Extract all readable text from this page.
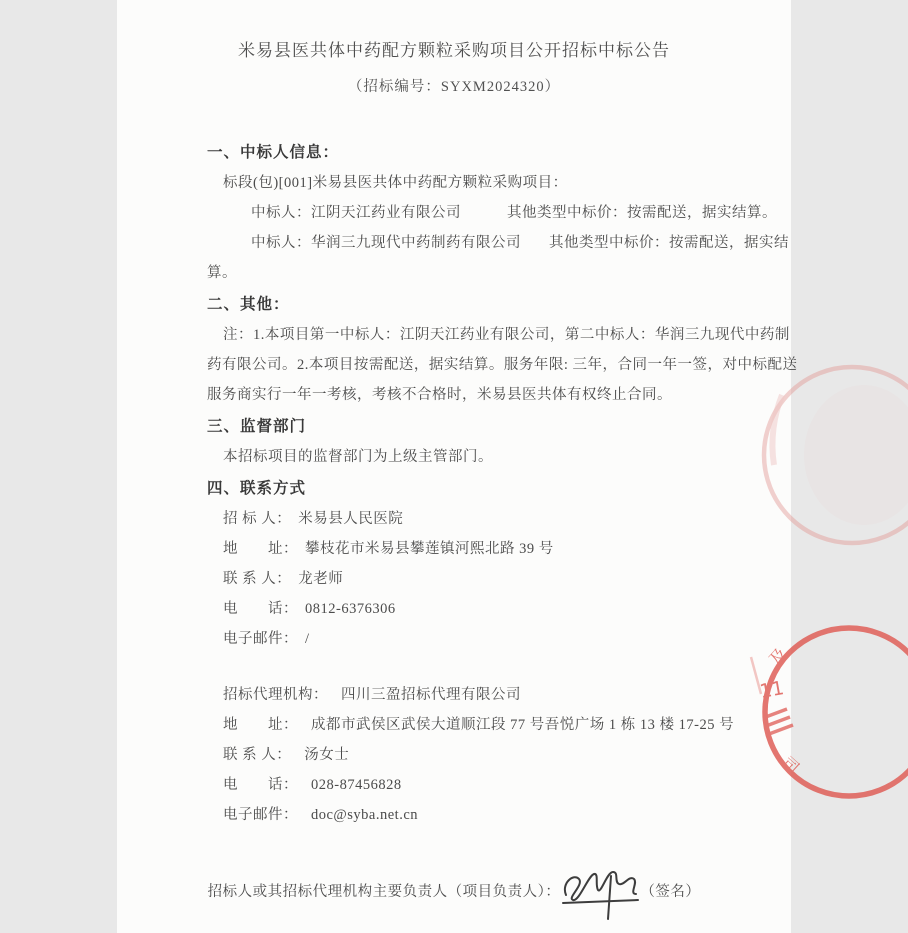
11
及
司
米易县医共体中药配方颗粒采购项目公开招标中标公告
（招标编号：SYXM2024320）
一、中标人信息：
标段(包)[001]米易县医共体中药配方颗粒采购项目：
中标人：江阴天江药业有限公司	其他类型中标价：按需配送，据实结算。
中标人：华润三九现代中药制药有限公司 其他类型中标价：按需配送，据实结
算。
二、其他：
注：1.本项目第一中标人：江阴天江药业有限公司，第二中标人：华润三九现代中药制
药有限公司。2.本项目按需配送，据实结算。服务年限: 三年，合同一年一签，对中标配送
服务商实行一年一考核，考核不合格时，米易县医共体有权终止合同。
三、监督部门
本招标项目的监督部门为上级主管部门。
四、联系方式
招 标 人： 米易县人民医院
地　　址： 攀枝花市米易县攀莲镇河熙北路 39 号
联 系 人： 龙老师
电　　话： 0812-6376306
电子邮件： /
招标代理机构： 四川三盈招标代理有限公司
地　　址： 成都市武侯区武侯大道顺江段 77 号吾悦广场 1 栋 13 楼 17-25 号
联 系 人： 汤女士
电　　话： 028-87456828
电子邮件： doc@syba.net.cn
招标人或其招标代理机构主要负责人（项目负责人）：	（签名）
